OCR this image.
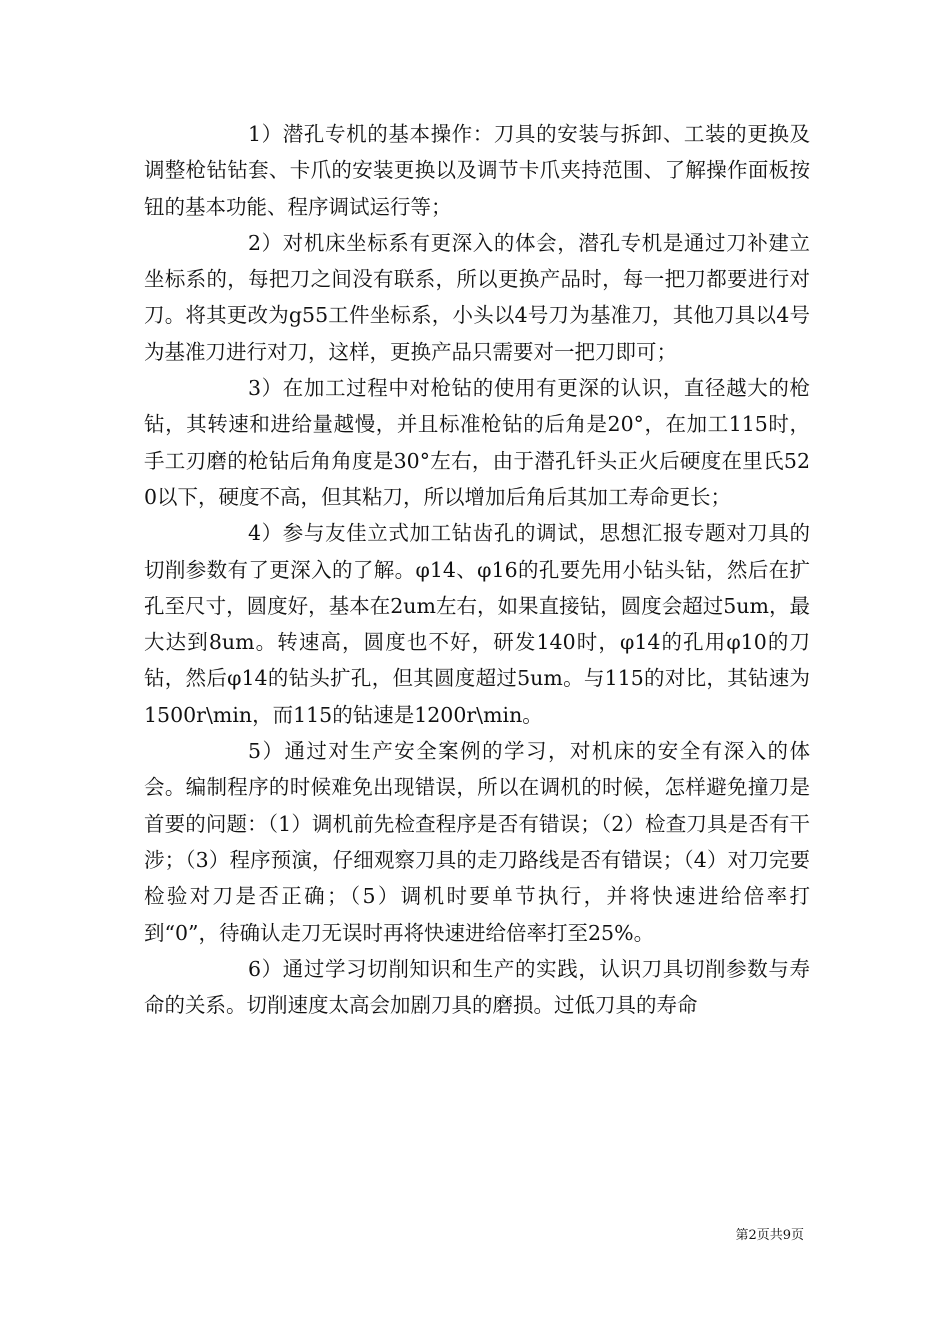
1）潜孔专机的基本操作：刀具的安装与拆卸、工装的更换及调整枪钻钻套、卡爪的安装更换以及调节卡爪夹持范围、了解操作面板按钮的基本功能、程序调试运行等；

2）对机床坐标系有更深入的体会，潜孔专机是通过刀补建立坐标系的，每把刀之间没有联系，所以更换产品时，每一把刀都要进行对刀。将其更改为g55工件坐标系，小头以4号刀为基准刀，其他刀具以4号为基准刀进行对刀，这样，更换产品只需要对一把刀即可；

3）在加工过程中对枪钻的使用有更深的认识，直径越大的枪钻，其转速和进给量越慢，并且标准枪钻的后角是20°，在加工115时，手工刃磨的枪钻后角角度是30°左右，由于潜孔钎头正火后硬度在里氏520以下，硬度不高，但其粘刀，所以增加后角后其加工寿命更长；

4）参与友佳立式加工钻齿孔的调试，思想汇报专题对刀具的切削参数有了更深入的了解。φ14、φ16的孔要先用小钻头钻，然后在扩孔至尺寸，圆度好，基本在2um左右，如果直接钻，圆度会超过5um，最大达到8um。转速高，圆度也不好，研发140时，φ14的孔用φ10的刀钻，然后φ14的钻头扩孔，但其圆度超过5um。与115的对比，其钻速为1500r\min，而115的钻速是1200r\min。

5）通过对生产安全案例的学习，对机床的安全有深入的体会。编制程序的时候难免出现错误，所以在调机的时候，怎样避免撞刀是首要的问题：（1）调机前先检查程序是否有错误；（2）检查刀具是否有干涉；（3）程序预演，仔细观察刀具的走刀路线是否有错误；（4）对刀完要检验对刀是否正确；（5）调机时要单节执行，并将快速进给倍率打到“0”，待确认走刀无误时再将快速进给倍率打至25%。

6）通过学习切削知识和生产的实践，认识刀具切削参数与寿命的关系。切削速度太高会加剧刀具的磨损。过低刀具的寿命

第2页共9页
